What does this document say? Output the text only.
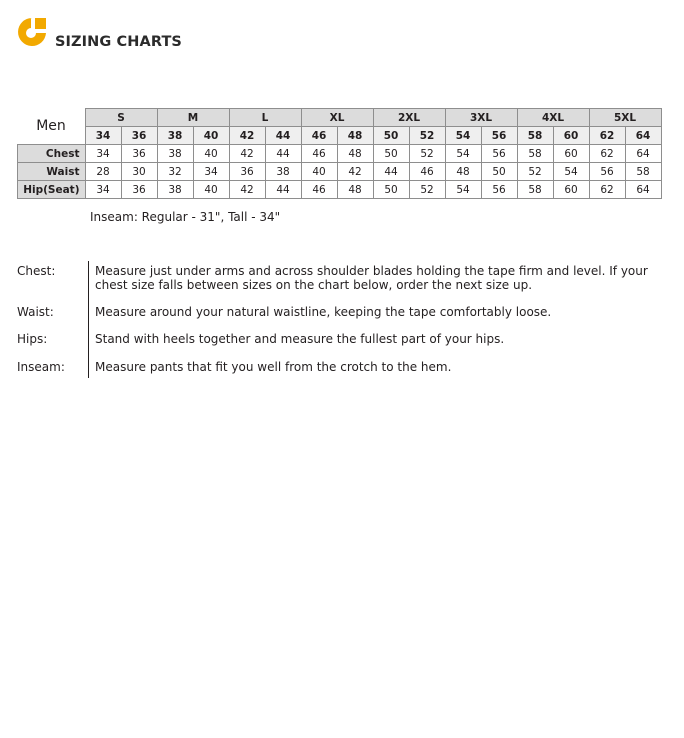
SIZING CHARTS
Men	S		M		L		XL		2XL		3XL		4XL		5XL	
	34	36	38	40	42	44	46	48	50	52	54	56	58	60	62	64
Chest	34	36	38	40	42	44	46	48	50	52	54	56	58	60	62	64
Waist	28	30	32	34	36	38	40	42	44	46	48	50	52	54	56	58
Hip(Seat)	34	36	38	40	42	44	46	48	50	52	54	56	58	60	62	64
Inseam: Regular - 31", Tall - 34"
Chest:	Measure just under arms and across shoulder blades holding the tape firm and level. If your chest size falls between sizes on the chart below, order the next size up.
Waist:	Measure around your natural waistline, keeping the tape comfortably loose.
Hips:	Stand with heels together and measure the fullest part of your hips.
Inseam:	Measure pants that fit you well from the crotch to the hem.
